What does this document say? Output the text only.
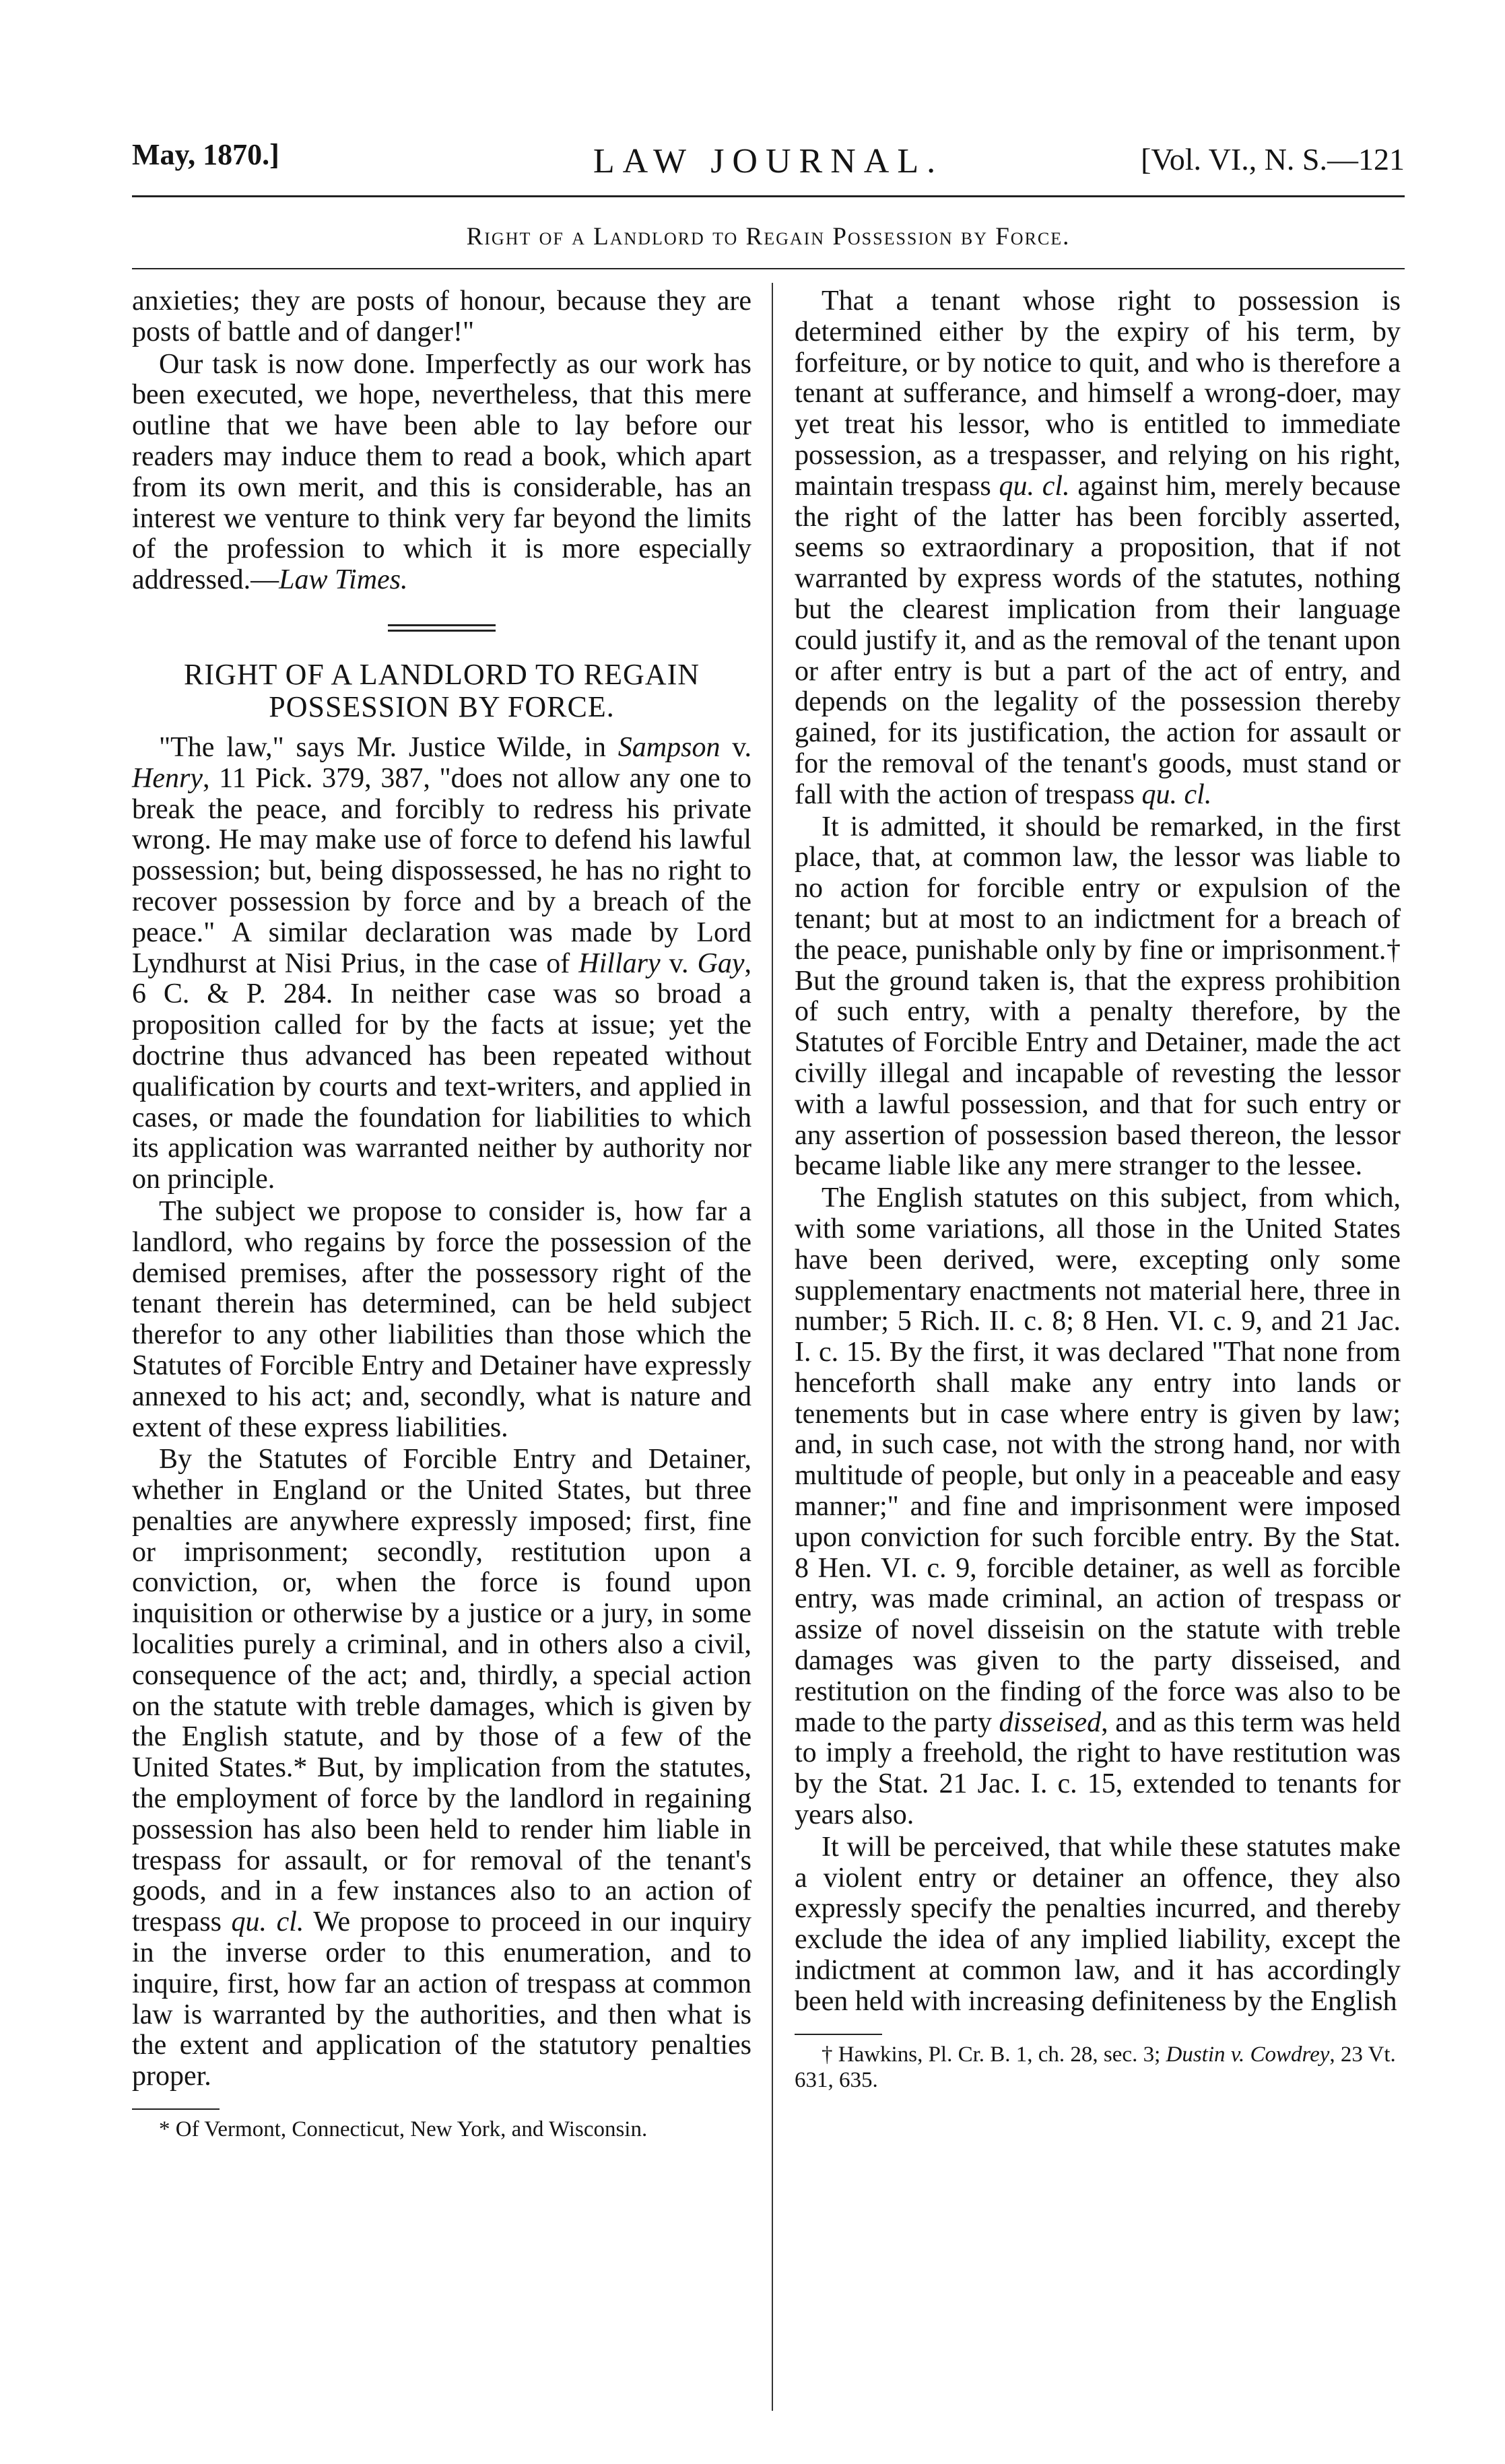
May, 1870.]	LAW JOURNAL.	[Vol. VI., N. S.—121
Right of a Landlord to Regain Possession by Force.

anxieties; they are posts of honour, because they are posts of battle and of danger!"

Our task is now done. Imperfectly as our work has been executed, we hope, nevertheless, that this mere outline that we have been able to lay before our readers may induce them to read a book, which apart from its own merit, and this is considerable, has an interest we venture to think very far beyond the limits of the profession to which it is more especially addressed.—Law Times.

RIGHT OF A LANDLORD TO REGAIN POSSESSION BY FORCE.

"The law," says Mr. Justice Wilde, in Sampson v. Henry, 11 Pick. 379, 387, "does not allow any one to break the peace, and forcibly to redress his private wrong. He may make use of force to defend his lawful possession; but, being dispossessed, he has no right to recover possession by force and by a breach of the peace." A similar declaration was made by Lord Lyndhurst at Nisi Prius, in the case of Hillary v. Gay, 6 C. & P. 284. In neither case was so broad a proposition called for by the facts at issue; yet the doctrine thus advanced has been repeated without qualification by courts and text-writers, and applied in cases, or made the foundation for liabilities to which its application was warranted neither by authority nor on principle.

The subject we propose to consider is, how far a landlord, who regains by force the possession of the demised premises, after the possessory right of the tenant therein has determined, can be held subject therefor to any other liabilities than those which the Statutes of Forcible Entry and Detainer have expressly annexed to his act; and, secondly, what is nature and extent of these express liabilities.

By the Statutes of Forcible Entry and Detainer, whether in England or the United States, but three penalties are anywhere expressly imposed; first, fine or imprisonment; secondly, restitution upon a conviction, or, when the force is found upon inquisition or otherwise by a justice or a jury, in some localities purely a criminal, and in others also a civil, consequence of the act; and, thirdly, a special action on the statute with treble damages, which is given by the English statute, and by those of a few of the United States.* But, by implication from the statutes, the employment of force by the landlord in regaining possession has also been held to render him liable in trespass for assault, or for removal of the tenant's goods, and in a few instances also to an action of trespass qu. cl. We propose to proceed in our inquiry in the inverse order to this enumeration, and to inquire, first, how far an action of trespass at common law is warranted by the authorities, and then what is the extent and application of the statutory penalties proper.

* Of Vermont, Connecticut, New York, and Wisconsin.

That a tenant whose right to possession is determined either by the expiry of his term, by forfeiture, or by notice to quit, and who is therefore a tenant at sufferance, and himself a wrong-doer, may yet treat his lessor, who is entitled to immediate possession, as a trespasser, and relying on his right, maintain trespass qu. cl. against him, merely because the right of the latter has been forcibly asserted, seems so extraordinary a proposition, that if not warranted by express words of the statutes, nothing but the clearest implication from their language could justify it, and as the removal of the tenant upon or after entry is but a part of the act of entry, and depends on the legality of the possession thereby gained, for its justification, the action for assault or for the removal of the tenant's goods, must stand or fall with the action of trespass qu. cl.

It is admitted, it should be remarked, in the first place, that, at common law, the lessor was liable to no action for forcible entry or expulsion of the tenant; but at most to an indictment for a breach of the peace, punishable only by fine or imprisonment.† But the ground taken is, that the express prohibition of such entry, with a penalty therefore, by the Statutes of Forcible Entry and Detainer, made the act civilly illegal and incapable of revesting the lessor with a lawful possession, and that for such entry or any assertion of possession based thereon, the lessor became liable like any mere stranger to the lessee.

The English statutes on this subject, from which, with some variations, all those in the United States have been derived, were, excepting only some supplementary enactments not material here, three in number; 5 Rich. II. c. 8; 8 Hen. VI. c. 9, and 21 Jac. I. c. 15. By the first, it was declared "That none from henceforth shall make any entry into lands or tenements but in case where entry is given by law; and, in such case, not with the strong hand, nor with multitude of people, but only in a peaceable and easy manner;" and fine and imprisonment were imposed upon conviction for such forcible entry. By the Stat. 8 Hen. VI. c. 9, forcible detainer, as well as forcible entry, was made criminal, an action of trespass or assize of novel disseisin on the statute with treble damages was given to the party disseised, and restitution on the finding of the force was also to be made to the party disseised, and as this term was held to imply a freehold, the right to have restitution was by the Stat. 21 Jac. I. c. 15, extended to tenants for years also.

It will be perceived, that while these statutes make a violent entry or detainer an offence, they also expressly specify the penalties incurred, and thereby exclude the idea of any implied liability, except the indictment at common law, and it has accordingly been held with increasing definiteness by the English

† Hawkins, Pl. Cr. B. 1, ch. 28, sec. 3; Dustin v. Cowdrey, 23 Vt. 631, 635.
